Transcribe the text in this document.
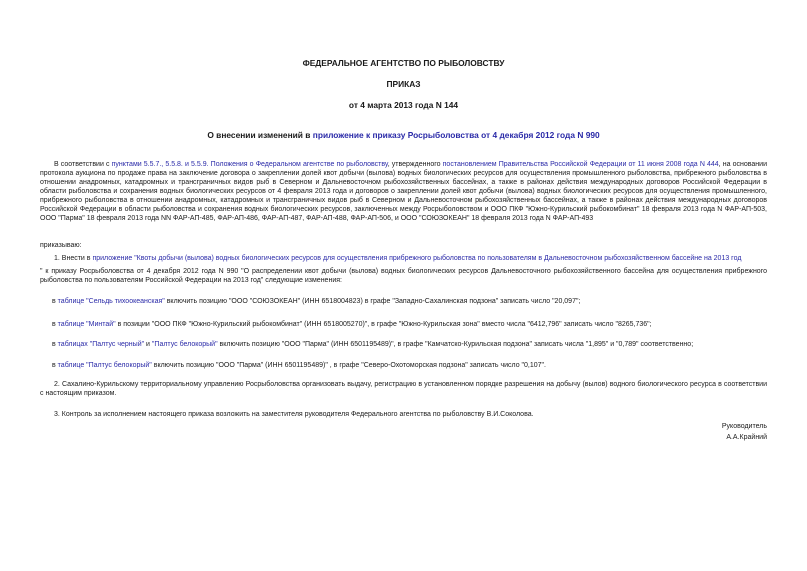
ФЕДЕРАЛЬНОЕ АГЕНТСТВО ПО РЫБОЛОВСТВУ
ПРИКАЗ
от 4 марта 2013 года N 144
О внесении изменений в приложение к приказу Росрыболовства от 4 декабря 2012 года N 990
В соответствии с пунктами 5.5.7., 5.5.8. и 5.5.9. Положения о Федеральном агентстве по рыболовству, утвержденного постановлением Правительства Российской Федерации от 11 июня 2008 года N 444, на основании протокола аукциона по продаже права на заключение договора о закреплении долей квот добычи (вылова) водных биологических ресурсов для осуществления промышленного рыболовства, прибрежного рыболовства в отношении анадромных, катадромных и трансграничных видов рыб в Северном и Дальневосточном рыбохозяйственных бассейнах, а также в районах действия международных договоров Российской Федерации в области рыболовства и сохранения водных биологических ресурсов от 4 февраля 2013 года и договоров о закреплении долей квот добычи (вылова) водных биологических ресурсов для осуществления промышленного, прибрежного рыболовства в отношении анадромных, катадромных и трансграничных видов рыб в Северном и Дальневосточном рыбохозяйственных бассейнах, а также в районах действия международных договоров Российской Федерации в области рыболовства и сохранения водных биологических ресурсов, заключенных между Росрыболовством и ООО ПКФ "Южно-Курильский рыбокомбинат" 18 февраля 2013 года N ФАР-АП-503, ООО "Парма" 18 февраля 2013 года NN ФАР-АП-485, ФАР-АП-486, ФАР-АП-487, ФАР-АП-488, ФАР-АП-506, и ООО "СОЮЗОКЕАН" 18 февраля 2013 года N ФАР-АП-493
приказываю:
1. Внести в приложение "Квоты добычи (вылова) водных биологических ресурсов для осуществления прибрежного рыболовства по пользователям в Дальневосточном рыбохозяйственном бассейне на 2013 год
" к приказу Росрыболовства от 4 декабря 2012 года N 990 "О распределении квот добычи (вылова) водных биологических ресурсов Дальневосточного рыбохозяйственного бассейна для осуществления прибрежного рыболовства по пользователям Российской Федерации на 2013 год" следующие изменения:
в таблице "Сельдь тихоокеанская" включить позицию "ООО "СОЮЗОКЕАН" (ИНН 6518004823) в графе "Западно-Сахалинская подзона" записать число "20,097";
в таблице "Минтай" в позиции "ООО ПКФ "Южно-Курильский рыбокомбинат" (ИНН 6518005270)", в графе "Южно-Курильская зона" вместо числа "6412,796" записать число "8265,736";
в таблицах "Палтус черный" и "Палтус белокорый" включить позицию "ООО "Парма" (ИНН 6501195489)", в графе "Камчатско-Курильская подзона" записать числа "1,895" и "0,789" соответственно;
в таблице "Палтус белокорый" включить позицию "ООО "Парма" (ИНН 6501195489)" , в графе "Северо-Охотоморская подзона" записать число "0,107".
2. Сахалино-Курильскому территориальному управлению Росрыболовства организовать выдачу, регистрацию в установленном порядке разрешения на добычу (вылов) водного биологического ресурса в соответствии с настоящим приказом.
3. Контроль за исполнением настоящего приказа возложить на заместителя руководителя Федерального агентства по рыболовству В.И.Соколова.
Руководитель
А.А.Крайний
